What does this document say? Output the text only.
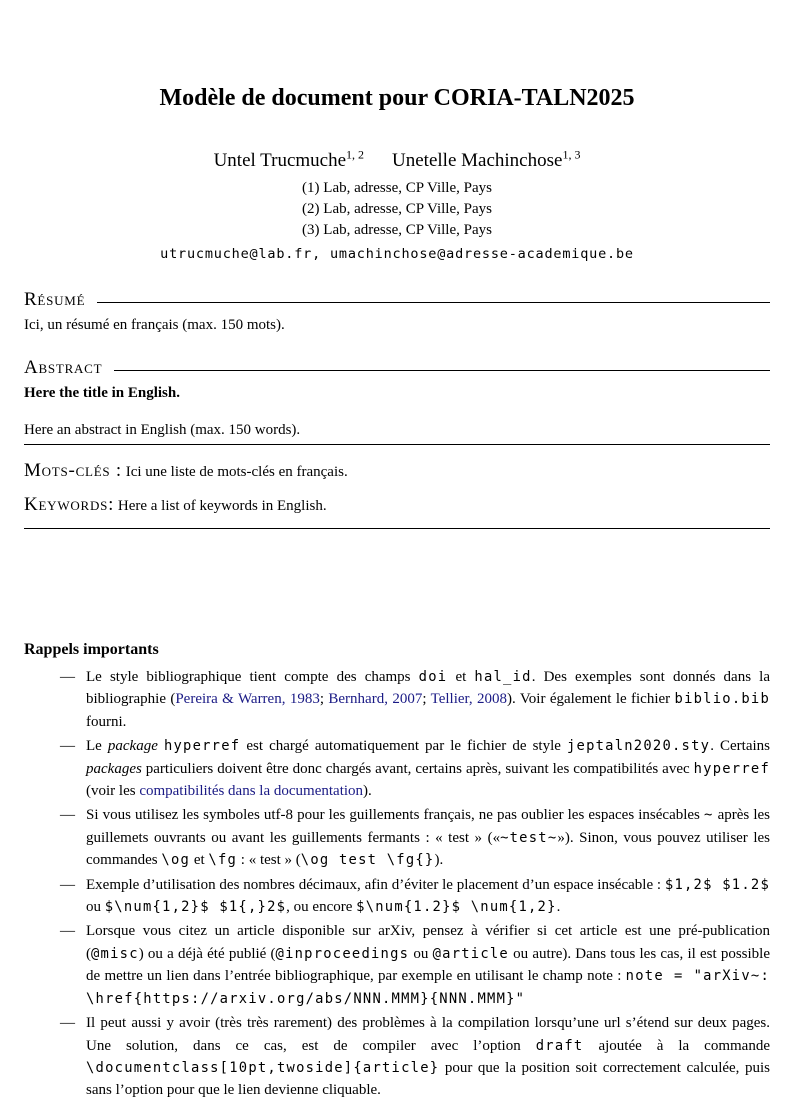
Modèle de document pour CORIA-TALN2025
Untel Trucmuche$^{1, 2}$ Unetelle Machinchose$^{1, 3}$
(1) Lab, adresse, CP Ville, Pays
(2) Lab, adresse, CP Ville, Pays
(3) Lab, adresse, CP Ville, Pays
utrucmuche@lab.fr, umachinchose@adresse-academique.be
Résumé
Ici, un résumé en français (max. 150 mots).
Abstract
Here the title in English.
Here an abstract in English (max. 150 words).
Mots-clés : Ici une liste de mots-clés en français.
Keywords: Here a list of keywords in English.
Rappels importants
— Le style bibliographique tient compte des champs doi et hal_id. Des exemples sont donnés dans la bibliographie (Pereira & Warren, 1983; Bernhard, 2007; Tellier, 2008). Voir également le fichier biblio.bib fourni.
— Le package hyperref est chargé automatiquement par le fichier de style jeptaln2020.sty. Certains packages particuliers doivent être donc chargés avant, certains après, suivant les compatibilités avec hyperref (voir les compatibilités dans la documentation).
— Si vous utilisez les symboles utf-8 pour les guillements français, ne pas oublier les espaces insécables ~ après les guillemets ouvrants ou avant les guillements fermants : « test » («~test~»). Sinon, vous pouvez utiliser les commandes \og et \fg : « test » (\og test \fg{}).
— Exemple d’utilisation des nombres décimaux, afin d’éviter le placement d’un espace insécable : $1,2$ $1.2$ ou $\num{1,2}$ $1{,}2$, ou encore $\num{1.2}$ \num{1,2}.
— Lorsque vous citez un article disponible sur arXiv, pensez à vérifier si cet article est une pré-publication (@misc) ou a déjà été publié (@inproceedings ou @article ou autre). Dans tous les cas, il est possible de mettre un lien dans l’entrée bibliographique, par exemple en utilisant le champ note : note = "arXiv~: \href{https://arxiv.org/abs/NNN.MMM}{NNN.MMM}"
— Il peut aussi y avoir (très très rarement) des problèmes à la compilation lorsqu’une url s’étend sur deux pages. Une solution, dans ce cas, est de compiler avec l’option draft ajoutée à la commande \documentclass[10pt,twoside]{article} pour que la position soit correctement calculée, puis sans l’option pour que le lien devienne cliquable.
